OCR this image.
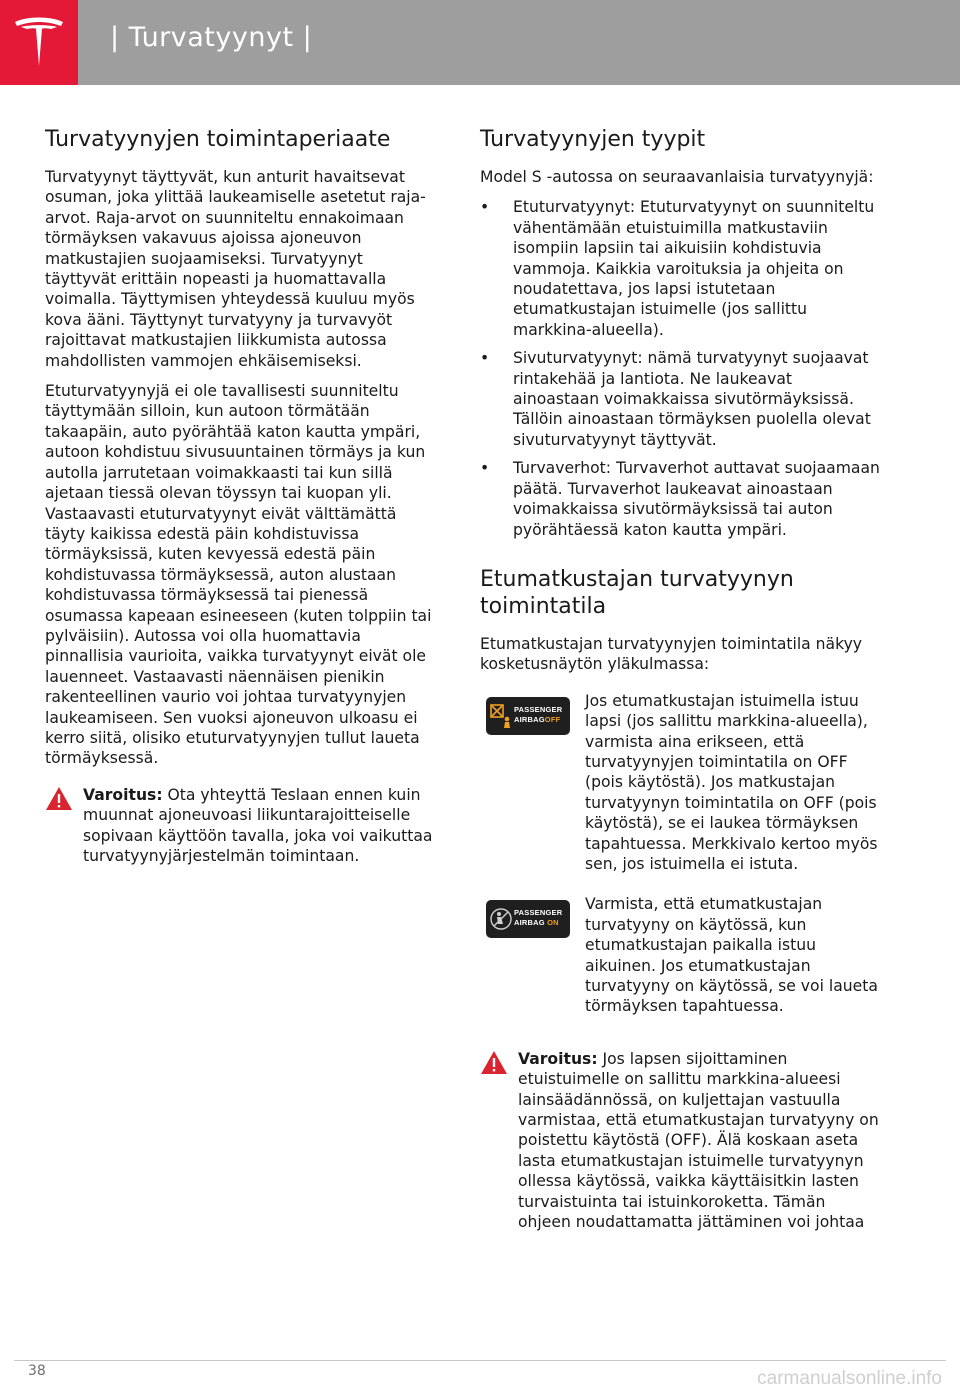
| Turvatyynyt |
Turvatyynyjen toimintaperiaate

Turvatyynyt täyttyvät, kun anturit havaitsevat osuman, joka ylittää laukeamiselle asetetut raja-arvot. Raja-arvot on suunniteltu ennakoimaan törmäyksen vakavuus ajoissa ajoneuvon matkustajien suojaamiseksi. Turvatyynyt täyttyvät erittäin nopeasti ja huomattavalla voimalla. Täyttymisen yhteydessä kuuluu myös kova ääni. Täyttynyt turvatyyny ja turvavyöt rajoittavat matkustajien liikkumista autossa mahdollisten vammojen ehkäisemiseksi.

Etuturvatyynyjä ei ole tavallisesti suunniteltu täyttymään silloin, kun autoon törmätään takaapäin, auto pyörähtää katon kautta ympäri, autoon kohdistuu sivusuuntainen törmäys ja kun autolla jarrutetaan voimakkaasti tai kun sillä ajetaan tiessä olevan töyssyn tai kuopan yli. Vastaavasti etuturvatyynyt eivät välttämättä täyty kaikissa edestä päin kohdistuvissa törmäyksissä, kuten kevyessä edestä päin kohdistuvassa törmäyksessä, auton alustaan kohdistuvassa törmäyksessä tai pienessä osumassa kapeaan esineeseen (kuten tolppiin tai pylväisiin). Autossa voi olla huomattavia pinnallisia vaurioita, vaikka turvatyynyt eivät ole lauenneet. Vastaavasti näennäisen pienikin rakenteellinen vaurio voi johtaa turvatyynyjen laukeamiseen. Sen vuoksi ajoneuvon ulkoasu ei kerro siitä, olisiko etuturvatyynyjen tullut laueta törmäyksessä.

Varoitus: Ota yhteyttä Teslaan ennen kuin muunnat ajoneuvoasi liikuntarajoitteiselle sopivaan käyttöön tavalla, joka voi vaikuttaa turvatyynyjärjestelmän toimintaan.

Turvatyynyjen tyypit

Model S -autossa on seuraavanlaisia turvatyynyjä:

• Etuturvatyynyt: Etuturvatyynyt on suunniteltu vähentämään etuistuimilla matkustaviin isompiin lapsiin tai aikuisiin kohdistuvia vammoja. Kaikkia varoituksia ja ohjeita on noudatettava, jos lapsi istutetaan etumatkustajan istuimelle (jos sallittu markkina-alueella).
• Sivuturvatyynyt: nämä turvatyynyt suojaavat rintakehää ja lantiota. Ne laukeavat ainoastaan voimakkaissa sivutörmäyksissä. Tällöin ainoastaan törmäyksen puolella olevat sivuturvatyynyt täyttyvät.
• Turvaverhot: Turvaverhot auttavat suojaamaan päätä. Turvaverhot laukeavat ainoastaan voimakkaissa sivutörmäyksissä tai auton pyörähtäessä katon kautta ympäri.
Etumatkustajan turvatyynyn toimintatila

Etumatkustajan turvatyynyjen toimintatila näkyy kosketusnäytön yläkulmassa:

PASSENGER
AIRBAGOFF

Jos etumatkustajan istuimella istuu lapsi (jos sallittu markkina-alueella), varmista aina erikseen, että turvatyynyjen toimintatila on OFF (pois käytöstä). Jos matkustajan turvatyynyn toimintatila on OFF (pois käytöstä), se ei laukea törmäyksen tapahtuessa. Merkkivalo kertoo myös sen, jos istuimella ei istuta.

PASSENGER
AIRBAG ON

Varmista, että etumatkustajan turvatyyny on käytössä, kun etumatkustajan paikalla istuu aikuinen. Jos etumatkustajan turvatyyny on käytössä, se voi laueta törmäyksen tapahtuessa.

Varoitus: Jos lapsen sijoittaminen etuistuimelle on sallittu markkina-alueesi lainsäädännössä, on kuljettajan vastuulla varmistaa, että etumatkustajan turvatyyny on poistettu käytöstä (OFF). Älä koskaan aseta lasta etumatkustajan istuimelle turvatyynyn ollessa käytössä, vaikka käyttäisitkin lasten turvaistuinta tai istuinkoroketta. Tämän ohjeen noudattamatta jättäminen voi johtaa

38	carmanualsonline.info
